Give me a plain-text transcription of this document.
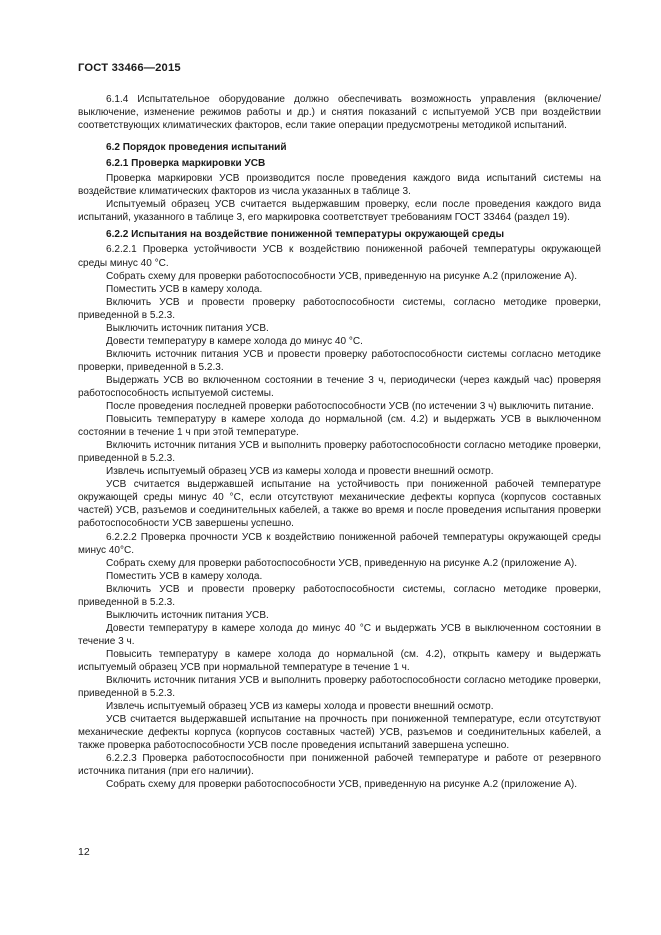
ГОСТ 33466—2015

6.1.4 Испытательное оборудование должно обеспечивать возможность управления (включение/выключение, изменение режимов работы и др.) и снятия показаний с испытуемой УСВ при воздействии соответствующих климатических факторов, если такие операции предусмотрены методикой испытаний.

6.2 Порядок проведения испытаний

6.2.1 Проверка маркировки УСВ

Проверка маркировки УСВ производится после проведения каждого вида испытаний системы на воздействие климатических факторов из числа указанных в таблице 3.

Испытуемый образец УСВ считается выдержавшим проверку, если после проведения каждого вида испытаний, указанного в таблице 3, его маркировка соответствует требованиям ГОСТ 33464 (раздел 19).

6.2.2 Испытания на воздействие пониженной температуры окружающей среды

6.2.2.1 Проверка устойчивости УСВ к воздействию пониженной рабочей температуры окружающей среды минус 40 °С.

Собрать схему для проверки работоспособности УСВ, приведенную на рисунке А.2 (приложение А).

Поместить УСВ в камеру холода.

Включить УСВ и провести проверку работоспособности системы, согласно методике проверки, приведенной в 5.2.3.

Выключить источник питания УСВ.

Довести температуру в камере холода до минус 40 °С.

Включить источник питания УСВ и провести проверку работоспособности системы согласно методике проверки, приведенной в 5.2.3.

Выдержать УСВ во включенном состоянии в течение 3 ч, периодически (через каждый час) проверяя работоспособность испытуемой системы.

После проведения последней проверки работоспособности УСВ (по истечении 3 ч) выключить питание.

Повысить температуру в камере холода до нормальной (см. 4.2) и выдержать УСВ в выключенном состоянии в течение 1 ч при этой температуре.

Включить источник питания УСВ и выполнить проверку работоспособности согласно методике проверки, приведенной в 5.2.3.

Извлечь испытуемый образец УСВ из камеры холода и провести внешний осмотр.

УСВ считается выдержавшей испытание на устойчивость при пониженной рабочей температуре окружающей среды минус 40 °С, если отсутствуют механические дефекты корпуса (корпусов составных частей) УСВ, разъемов и соединительных кабелей, а также во время и после проведения испытания проверки работоспособности УСВ завершены успешно.

6.2.2.2 Проверка прочности УСВ к воздействию пониженной рабочей температуры окружающей среды минус 40°С.

Собрать схему для проверки работоспособности УСВ, приведенную на рисунке А.2 (приложение А).

Поместить УСВ в камеру холода.

Включить УСВ и провести проверку работоспособности системы, согласно методике проверки, приведенной в 5.2.3.

Выключить источник питания УСВ.

Довести температуру в камере холода до минус 40 °С и выдержать УСВ в выключенном состоянии в течение 3 ч.

Повысить температуру в камере холода до нормальной (см. 4.2), открыть камеру и выдержать испытуемый образец УСВ при нормальной температуре в течение 1 ч.

Включить источник питания УСВ и выполнить проверку работоспособности согласно методике проверки, приведенной в 5.2.3.

Извлечь испытуемый образец УСВ из камеры холода и провести внешний осмотр.

УСВ считается выдержавшей испытание на прочность при пониженной температуре, если отсутствуют механические дефекты корпуса (корпусов составных частей) УСВ, разъемов и соединительных кабелей, а также проверка работоспособности УСВ после проведения испытаний завершена успешно.

6.2.2.3 Проверка работоспособности при пониженной рабочей температуре и работе от резервного источника питания (при его наличии).

Собрать схему для проверки работоспособности УСВ, приведенную на рисунке А.2 (приложение А).

12
